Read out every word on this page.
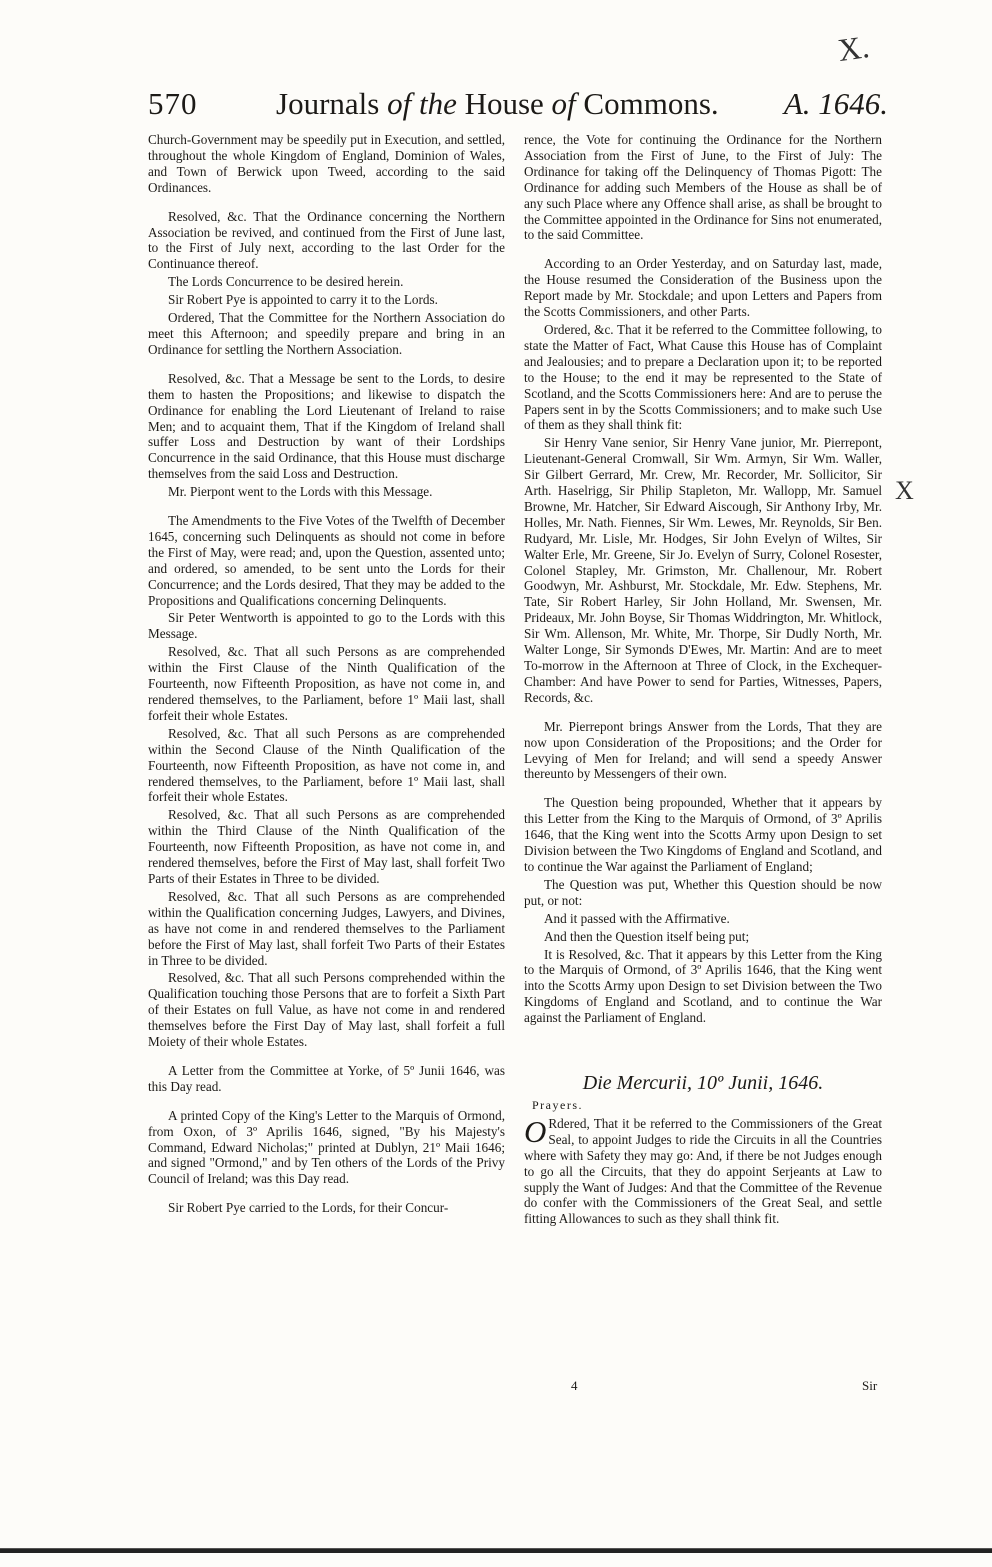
X.
X
570	Journals of the House of Commons. A. 1646.

Church-Government may be speedily put in Execution, and settled, throughout the whole Kingdom of England, Dominion of Wales, and Town of Berwick upon Tweed, according to the said Ordinances.

Resolved, &c. That the Ordinance concerning the Northern Association be revived, and continued from the First of June last, to the First of July next, according to the last Order for the Continuance thereof.

The Lords Concurrence to be desired herein.

Sir Robert Pye is appointed to carry it to the Lords.

Ordered, That the Committee for the Northern Association do meet this Afternoon; and speedily prepare and bring in an Ordinance for settling the Northern Association.

Resolved, &c. That a Message be sent to the Lords, to desire them to hasten the Propositions; and likewise to dispatch the Ordinance for enabling the Lord Lieutenant of Ireland to raise Men; and to acquaint them, That if the Kingdom of Ireland shall suffer Loss and Destruction by want of their Lordships Concurrence in the said Ordinance, that this House must discharge themselves from the said Loss and Destruction.

Mr. Pierpont went to the Lords with this Message.

The Amendments to the Five Votes of the Twelfth of December 1645, concerning such Delinquents as should not come in before the First of May, were read; and, upon the Question, assented unto; and ordered, so amended, to be sent unto the Lords for their Concurrence; and the Lords desired, That they may be added to the Propositions and Qualifications concerning Delinquents.

Sir Peter Wentworth is appointed to go to the Lords with this Message.

Resolved, &c. That all such Persons as are comprehended within the First Clause of the Ninth Qualification of the Fourteenth, now Fifteenth Proposition, as have not come in, and rendered themselves, to the Parliament, before 1º Maii last, shall forfeit their whole Estates.

Resolved, &c. That all such Persons as are comprehended within the Second Clause of the Ninth Qualification of the Fourteenth, now Fifteenth Proposition, as have not come in, and rendered themselves, to the Parliament, before 1º Maii last, shall forfeit their whole Estates.

Resolved, &c. That all such Persons as are comprehended within the Third Clause of the Ninth Qualification of the Fourteenth, now Fifteenth Proposition, as have not come in, and rendered themselves, before the First of May last, shall forfeit Two Parts of their Estates in Three to be divided.

Resolved, &c. That all such Persons as are comprehended within the Qualification concerning Judges, Lawyers, and Divines, as have not come in and rendered themselves to the Parliament before the First of May last, shall forfeit Two Parts of their Estates in Three to be divided.

Resolved, &c. That all such Persons comprehended within the Qualification touching those Persons that are to forfeit a Sixth Part of their Estates on full Value, as have not come in and rendered themselves before the First Day of May last, shall forfeit a full Moiety of their whole Estates.

A Letter from the Committee at Yorke, of 5º Junii 1646, was this Day read.

A printed Copy of the King's Letter to the Marquis of Ormond, from Oxon, of 3º Aprilis 1646, signed, "By his Majesty's Command, Edward Nicholas;" printed at Dublyn, 21º Maii 1646; and signed "Ormond," and by Ten others of the Lords of the Privy Council of Ireland; was this Day read.

Sir Robert Pye carried to the Lords, for their Concur-

rence, the Vote for continuing the Ordinance for the Northern Association from the First of June, to the First of July: The Ordinance for taking off the Delinquency of Thomas Pigott: The Ordinance for adding such Members of the House as shall be of any such Place where any Offence shall arise, as shall be brought to the Committee appointed in the Ordinance for Sins not enumerated, to the said Committee.

According to an Order Yesterday, and on Saturday last, made, the House resumed the Consideration of the Business upon the Report made by Mr. Stockdale; and upon Letters and Papers from the Scotts Commissioners, and other Parts.

Ordered, &c. That it be referred to the Committee following, to state the Matter of Fact, What Cause this House has of Complaint and Jealousies; and to prepare a Declaration upon it; to be reported to the House; to the end it may be represented to the State of Scotland, and the Scotts Commissioners here: And are to peruse the Papers sent in by the Scotts Commissioners; and to make such Use of them as they shall think fit:

Sir Henry Vane senior, Sir Henry Vane junior, Mr. Pierrepont, Lieutenant-General Cromwall, Sir Wm. Armyn, Sir Wm. Waller, Sir Gilbert Gerrard, Mr. Crew, Mr. Recorder, Mr. Sollicitor, Sir Arth. Haselrigg, Sir Philip Stapleton, Mr. Wallopp, Mr. Samuel Browne, Mr. Hatcher, Sir Edward Aiscough, Sir Anthony Irby, Mr. Holles, Mr. Nath. Fiennes, Sir Wm. Lewes, Mr. Reynolds, Sir Ben. Rudyard, Mr. Lisle, Mr. Hodges, Sir John Evelyn of Wiltes, Sir Walter Erle, Mr. Greene, Sir Jo. Evelyn of Surry, Colonel Rosester, Colonel Stapley, Mr. Grimston, Mr. Challenour, Mr. Robert Goodwyn, Mr. Ashburst, Mr. Stockdale, Mr. Edw. Stephens, Mr. Tate, Sir Robert Harley, Sir John Holland, Mr. Swensen, Mr. Prideaux, Mr. John Boyse, Sir Thomas Widdrington, Mr. Whitlock, Sir Wm. Allenson, Mr. White, Mr. Thorpe, Sir Dudly North, Mr. Walter Longe, Sir Symonds D'Ewes, Mr. Martin: And are to meet To-morrow in the Afternoon at Three of Clock, in the Exchequer-Chamber: And have Power to send for Parties, Witnesses, Papers, Records, &c.

Mr. Pierrepont brings Answer from the Lords, That they are now upon Consideration of the Propositions; and the Order for Levying of Men for Ireland; and will send a speedy Answer thereunto by Messengers of their own.

The Question being propounded, Whether that it appears by this Letter from the King to the Marquis of Ormond, of 3º Aprilis 1646, that the King went into the Scotts Army upon Design to set Division between the Two Kingdoms of England and Scotland, and to continue the War against the Parliament of England;

The Question was put, Whether this Question should be now put, or not:

And it passed with the Affirmative.

And then the Question itself being put;

It is Resolved, &c. That it appears by this Letter from the King to the Marquis of Ormond, of 3º Aprilis 1646, that the King went into the Scotts Army upon Design to set Division between the Two Kingdoms of England and Scotland, and to continue the War against the Parliament of England.

Die Mercurii, 10º Junii, 1646.

Prayers.

O Rdered, That it be referred to the Commissioners of the Great Seal, to appoint Judges to ride the Circuits in all the Countries where with Safety they may go: And, if there be not Judges enough to go all the Circuits, that they do appoint Serjeants at Law to supply the Want of Judges: And that the Committee of the Revenue do confer with the Commissioners of the Great Seal, and settle fitting Allowances to such as they shall think fit.

4	Sir
